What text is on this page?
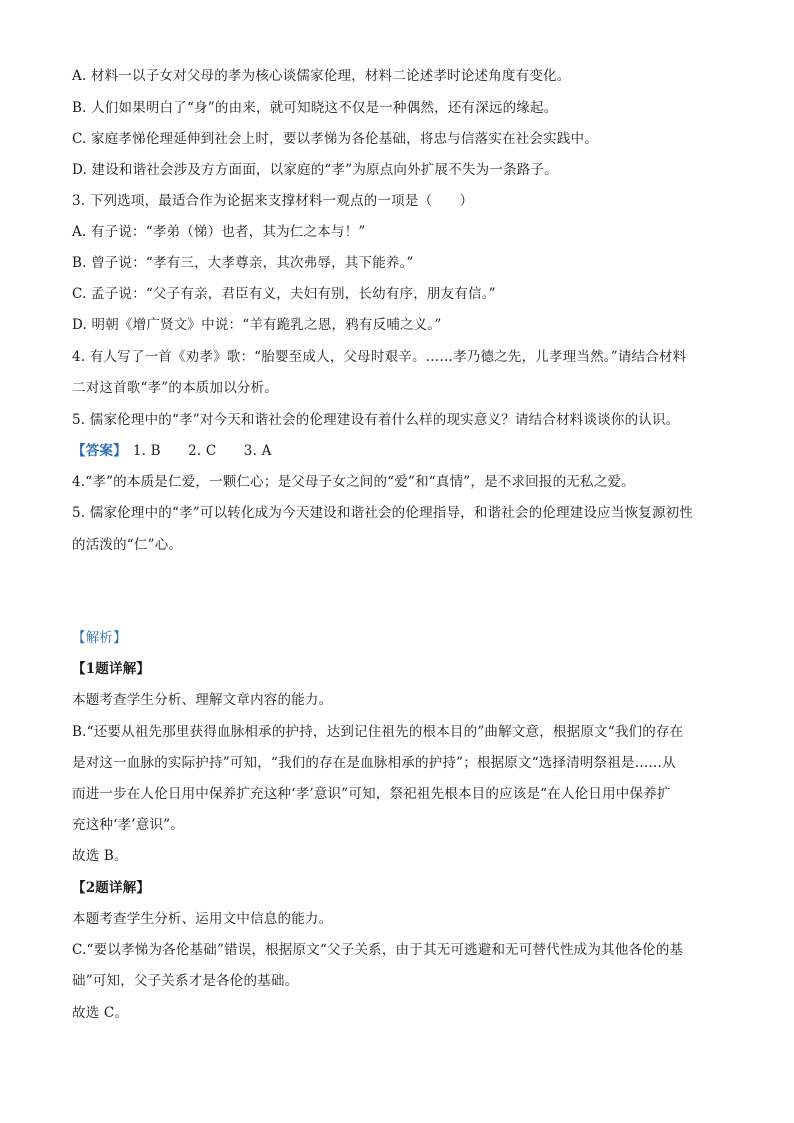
A. 材料一以子女对父母的孝为核心谈儒家伦理，材料二论述孝时论述角度有变化。
B. 人们如果明白了“身”的由来，就可知晓这不仅是一种偶然，还有深远的缘起。
C. 家庭孝悌伦理延伸到社会上时，要以孝悌为各伦基础，将忠与信落实在社会实践中。
D. 建设和谐社会涉及方方面面，以家庭的“孝”为原点向外扩展不失为一条路子。
3. 下列选项，最适合作为论据来支撑材料一观点的一项是（　　）
A. 有子说：“孝弟（悌）也者，其为仁之本与！”
B. 曾子说：“孝有三，大孝尊亲，其次弗辱，其下能养。”
C. 孟子说：“父子有亲，君臣有义，夫妇有别，长幼有序，朋友有信。”
D. 明朝《增广贤文》中说：“羊有跪乳之恩，鸦有反哺之义。”
4. 有人写了一首《劝孝》歌：“胎婴至成人，父母时艰辛。……孝乃德之先，儿孝理当然。”请结合材料
二对这首歌“孝”的本质加以分析。
5. 儒家伦理中的“孝”对今天和谐社会的伦理建设有着什么样的现实意义？请结合材料谈谈你的认识。
【答案】 1. B　　2. C　　3. A
4.“孝”的本质是仁爱，一颗仁心；是父母子女之间的“爱”和“真情”，是不求回报的无私之爱。
5. 儒家伦理中的“孝”可以转化成为今天建设和谐社会的伦理指导，和谐社会的伦理建设应当恢复源初性
的活泼的“仁”心。
【解析】
【1题详解】
本题考查学生分析、理解文章内容的能力。
B.“还要从祖先那里获得血脉相承的护持，达到记住祖先的根本目的”曲解文意，根据原文“我们的存在
是对这一血脉的实际护持”可知，“我们的存在是血脉相承的护持”；根据原文“选择清明祭祖是……从
而进一步在人伦日用中保养扩充这种‘孝’意识”可知，祭祀祖先根本目的应该是“在人伦日用中保养扩
充这种‘孝’意识”。
故选 B。
【2题详解】
本题考查学生分析、运用文中信息的能力。
C.“要以孝悌为各伦基础”错误，根据原文“父子关系，由于其无可逃避和无可替代性成为其他各伦的基
础”可知，父子关系才是各伦的基础。
故选 C。
